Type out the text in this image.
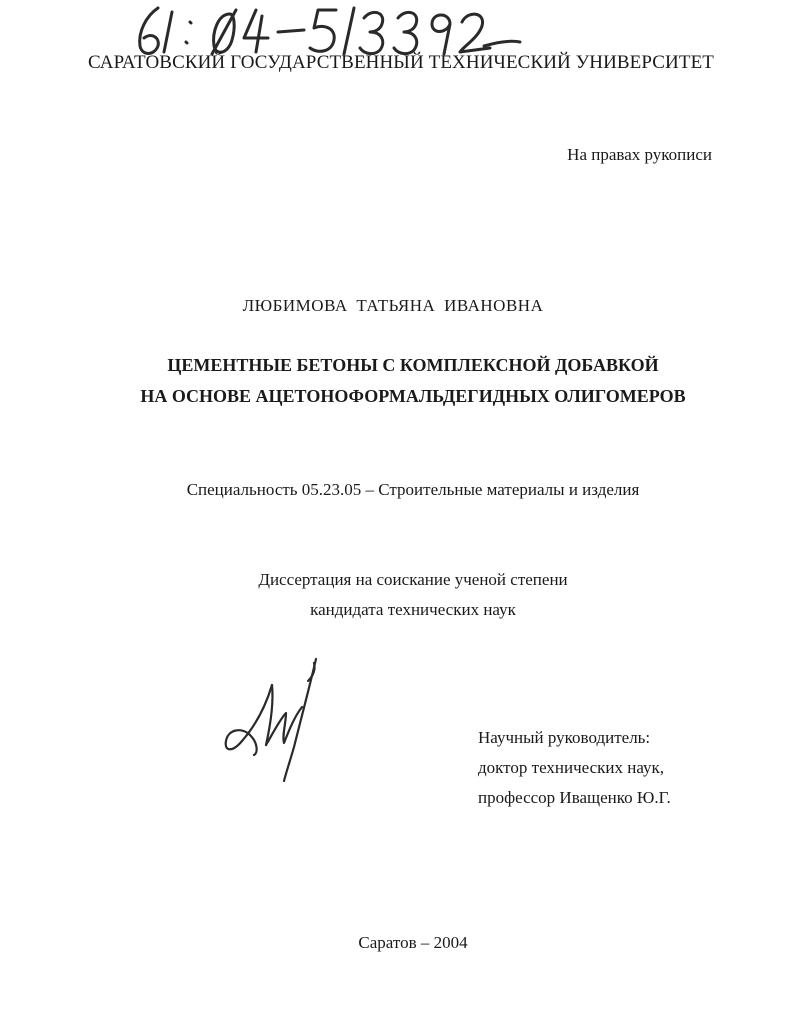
САРАТОВСКИЙ ГОСУДАРСТВЕННЫЙ ТЕХНИЧЕСКИЙ УНИВЕРСИТЕТ
На правах рукописи
ЛЮБИМОВА ТАТЬЯНА ИВАНОВНА
ЦЕМЕНТНЫЕ БЕТОНЫ С КОМПЛЕКСНОЙ ДОБАВКОЙ
НА ОСНОВЕ АЦЕТОНОФОРМАЛЬДЕГИДНЫХ ОЛИГОМЕРОВ
Специальность 05.23.05 – Строительные материалы и изделия
Диссертация на соискание ученой степени
кандидата технических наук
Научный руководитель:
доктор технических наук,
профессор Иващенко Ю.Г.
Саратов – 2004
